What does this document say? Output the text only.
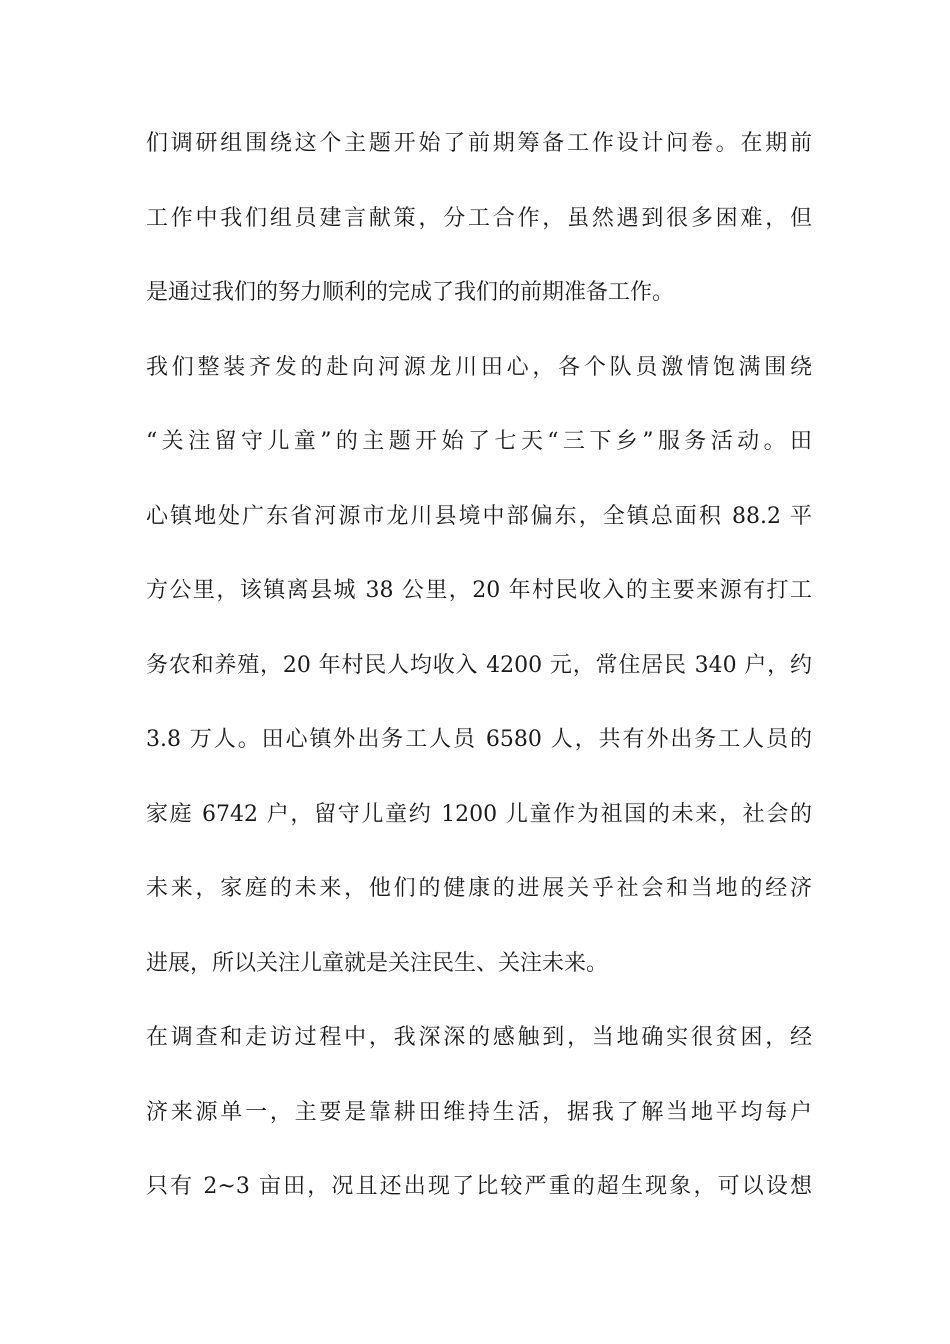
们调研组围绕这个主题开始了前期筹备工作设计问卷。在期前
工作中我们组员建言献策，分工合作，虽然遇到很多困难，但
是通过我们的努力顺利的完成了我们的前期准备工作。
我们整装齐发的赴向河源龙川田心，各个队员激情饱满围绕
“关注留守儿童”的主题开始了七天“三下乡”服务活动。田
心镇地处广东省河源市龙川县境中部偏东，全镇总面积 88.2 平
方公里，该镇离县城 38 公里，20 年村民收入的主要来源有打工
务农和养殖，20 年村民人均收入 4200 元，常住居民 340 户，约
3.8 万人。田心镇外出务工人员 6580 人，共有外出务工人员的
家庭 6742 户，留守儿童约 1200 儿童作为祖国的未来，社会的
未来，家庭的未来，他们的健康的进展关乎社会和当地的经济
进展，所以关注儿童就是关注民生、关注未来。
在调查和走访过程中，我深深的感触到，当地确实很贫困，经
济来源单一，主要是靠耕田维持生活，据我了解当地平均每户
只有 2~3 亩田，况且还出现了比较严重的超生现象，可以设想
